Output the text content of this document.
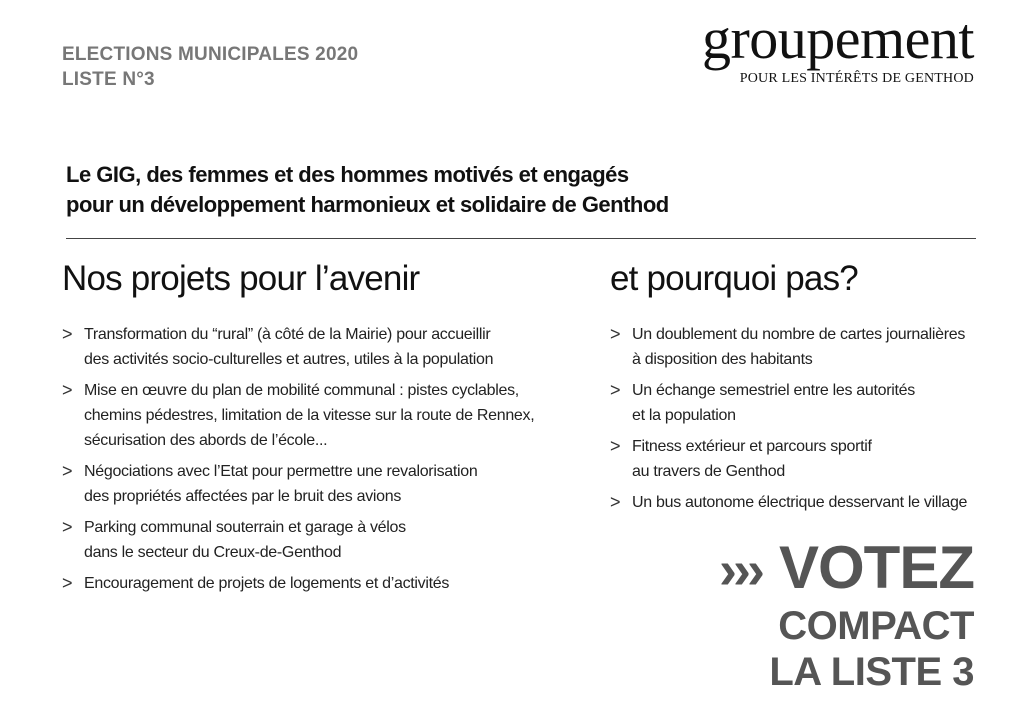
ELECTIONS MUNICIPALES 2020
LISTE N°3
groupement
POUR LES INTÉRÊTS DE GENTHOD
Le GIG, des femmes et des hommes motivés et engagés
pour un développement harmonieux et solidaire de Genthod
Nos projets pour l’avenir	et pourquoi pas?
> Transformation du “rural” (à côté de la Mairie) pour accueillir
des activités socio-culturelles et autres, utiles à la population
> Mise en œuvre du plan de mobilité communal : pistes cyclables,
chemins pédestres, limitation de la vitesse sur la route de Rennex,
sécurisation des abords de l’école...
> Négociations avec l’Etat pour permettre une revalorisation
des propriétés affectées par le bruit des avions
> Parking communal souterrain et garage à vélos
dans le secteur du Creux-de-Genthod
> Encouragement de projets de logements et d’activités
> Un doublement du nombre de cartes journalières
à disposition des habitants
> Un échange semestriel entre les autorités
et la population
> Fitness extérieur et parcours sportif
au travers de Genthod
> Un bus autonome électrique desservant le village
››› VOTEZ
COMPACT
LA LISTE 3
